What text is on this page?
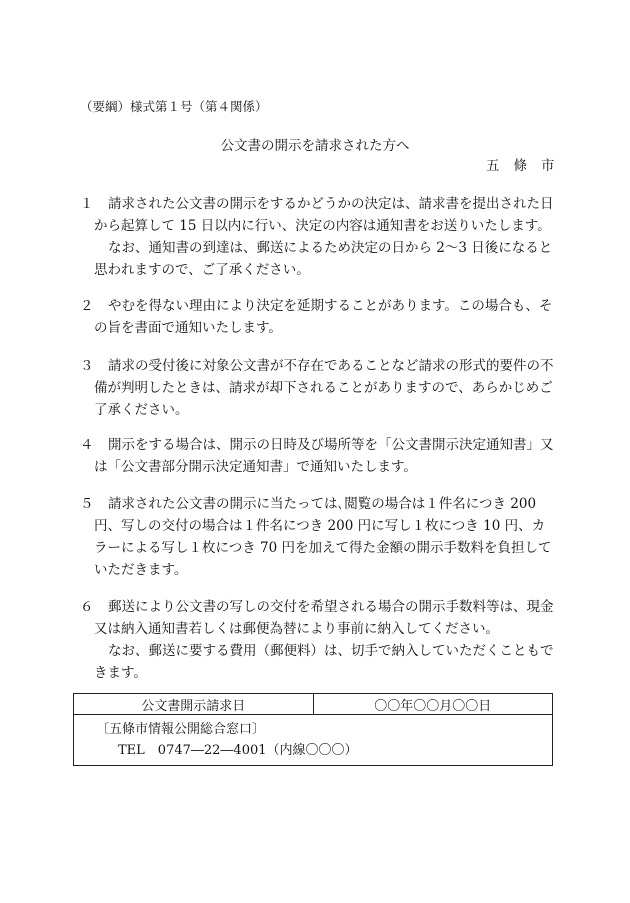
（要綱）様式第１号（第４関係）
公文書の開示を請求された方へ
五條市
１	請求された公文書の開示をするかどうかの決定は、請求書を提出された日から起算して 15 日以内に行い、決定の内容は通知書をお送りいたします。
なお、通知書の到達は、郵送によるため決定の日から 2〜3 日後になると思われますので、ご了承ください。
２	やむを得ない理由により決定を延期することがあります。この場合も、その旨を書面で通知いたします。
３	請求の受付後に対象公文書が不存在であることなど請求の形式的要件の不備が判明したときは、請求が却下されることがありますので、あらかじめご了承ください。
４	開示をする場合は、開示の日時及び場所等を「公文書開示決定通知書」又は「公文書部分開示決定通知書」で通知いたします。
５	請求された公文書の開示に当たっては､閲覧の場合は１件名につき 200 円、写しの交付の場合は１件名につき 200 円に写し１枚につき 10 円、カラーによる写し１枚につき 70 円を加えて得た金額の開示手数料を負担していただきます。
６	郵送により公文書の写しの交付を希望される場合の開示手数料等は、現金又は納入通知書若しくは郵便為替により事前に納入してください。
なお、郵送に要する費用（郵便料）は、切手で納入していただくこともできます。
公文書開示請求日	〇〇年〇〇月〇〇日

〔五條市情報公開総合窓口〕
TEL　0747―22―4001（内線〇〇〇）
